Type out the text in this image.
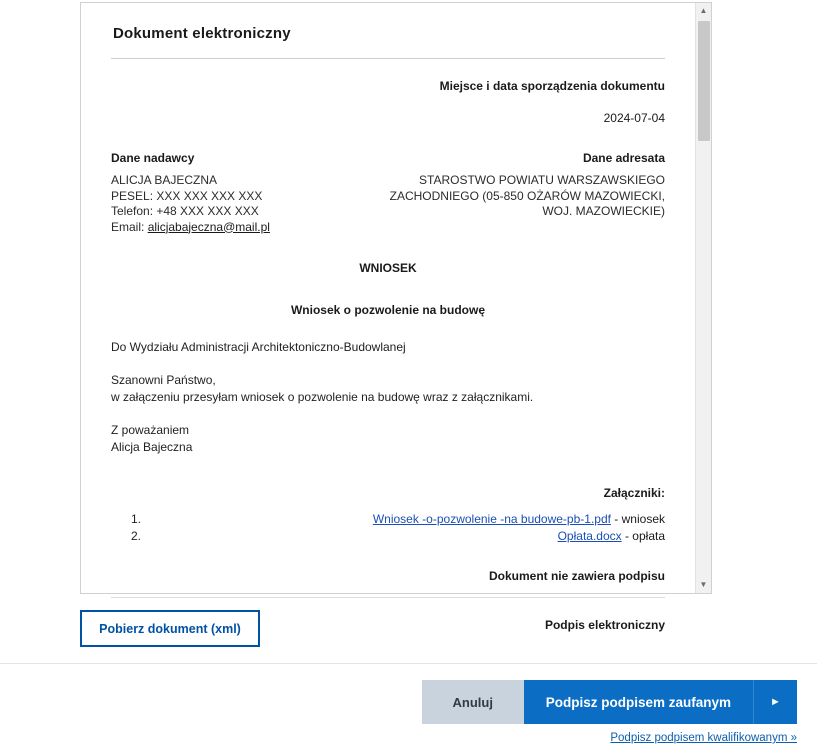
Dokument elektroniczny
Miejsce i data sporządzenia dokumentu
2024-07-04
Dane nadawcy
ALICJA BAJECZNA
PESEL: XXX XXX XXX XXX
Telefon: +48 XXX XXX XXX
Email: alicjabajeczna@mail.pl
Dane adresata
STAROSTWO POWIATU WARSZAWSKIEGO ZACHODNIEGO (05-850 OŻARÓW MAZOWIECKI, WOJ. MAZOWIECKIE)
WNIOSEK
Wniosek o pozwolenie na budowę
Do Wydziału Administracji Architektoniczno-Budowlanej
Szanowni Państwo,
w załączeniu przesyłam wniosek o pozwolenie na budowę wraz z załącznikami.
Z poważaniem
Alicja Bajeczna
Załączniki:
1.	Wniosek -o-pozwolenie -na budowe-pb-1.pdf - wniosek
2.	Opłata.docx - opłata
Dokument nie zawiera podpisu
Podpis elektroniczny
▲
▼
Pobierz dokument (xml)
Anuluj	Podpisz podpisem zaufanym	►
Podpisz podpisem kwalifikowanym »
